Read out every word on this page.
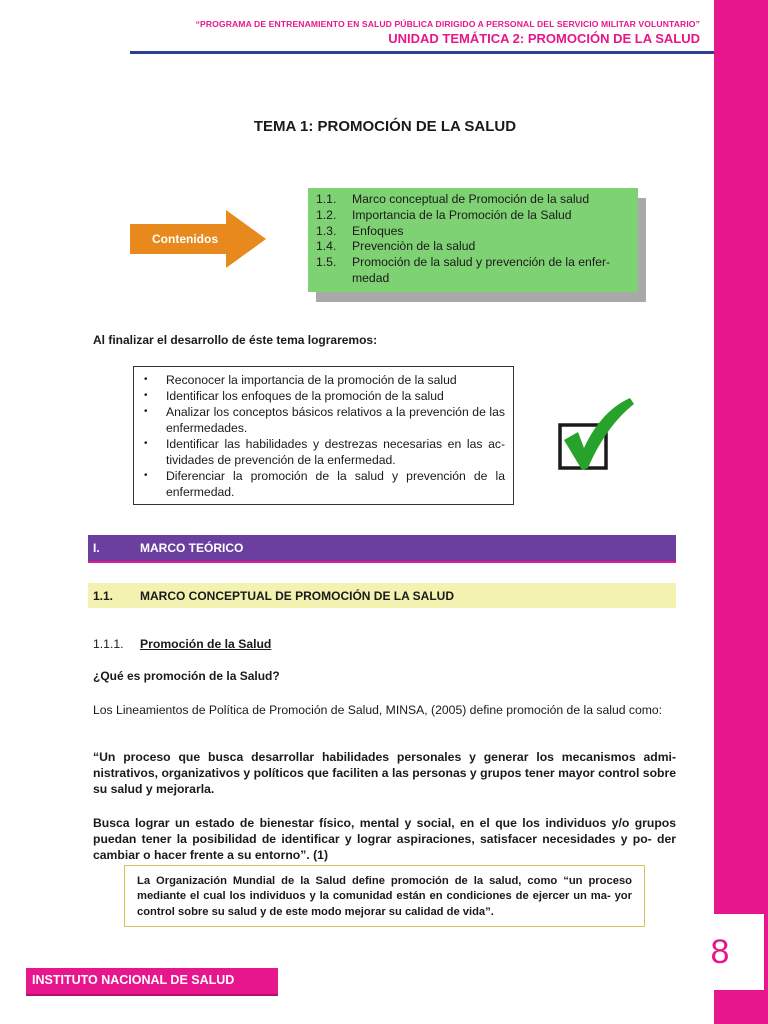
8
“PROGRAMA DE ENTRENAMIENTO EN SALUD PÚBLICA DIRIGIDO A PERSONAL DEL SERVICIO MILITAR VOLUNTARIO”
UNIDAD TEMÁTICA 2: PROMOCIÓN DE LA SALUD
TEMA 1: PROMOCIÓN DE LA SALUD
Contenidos
1.1.	Marco conceptual de Promoción de la salud
1.2.	Importancia de la Promoción de la Salud
1.3.	Enfoques
1.4.	Prevenciòn de la salud
1.5.	Promoción de la salud y prevención de la enfer- medad
Al finalizar el desarrollo de éste tema lograremos:
•	Reconocer la importancia de la promoción de la salud
•	Identificar los enfoques de la promoción de la salud
•	Analizar los conceptos básicos relativos a la prevención de las enfermedades.
•	Identificar las habilidades y destrezas necesarias en las ac- tividades de prevención de la enfermedad.
•	Diferenciar la promoción de la salud y prevención de la enfermedad.
I.	MARCO TEÓRICO
1.1. MARCO CONCEPTUAL DE PROMOCIÓN DE LA SALUD
1.1.1. Promoción de la Salud
¿Qué es promoción de la Salud?
Los Lineamientos de Política de Promoción de Salud, MINSA, (2005) define promoción de la salud como:
“Un proceso que busca desarrollar habilidades personales y generar los mecanismos admi- nistrativos, organizativos y políticos que faciliten a las personas y grupos tener mayor control sobre su salud y mejorarla.
Busca lograr un estado de bienestar físico, mental y social, en el que los individuos y/o grupos puedan tener la posibilidad de identificar y lograr aspiraciones, satisfacer necesidades y po- der cambiar o hacer frente a su entorno”. (1)
La Organización Mundial de la Salud define promoción de la salud, como “un proceso mediante el cual los individuos y la comunidad están en condiciones de ejercer un ma- yor control sobre su salud y de este modo mejorar su calidad de vida”.
INSTITUTO NACIONAL DE SALUD
